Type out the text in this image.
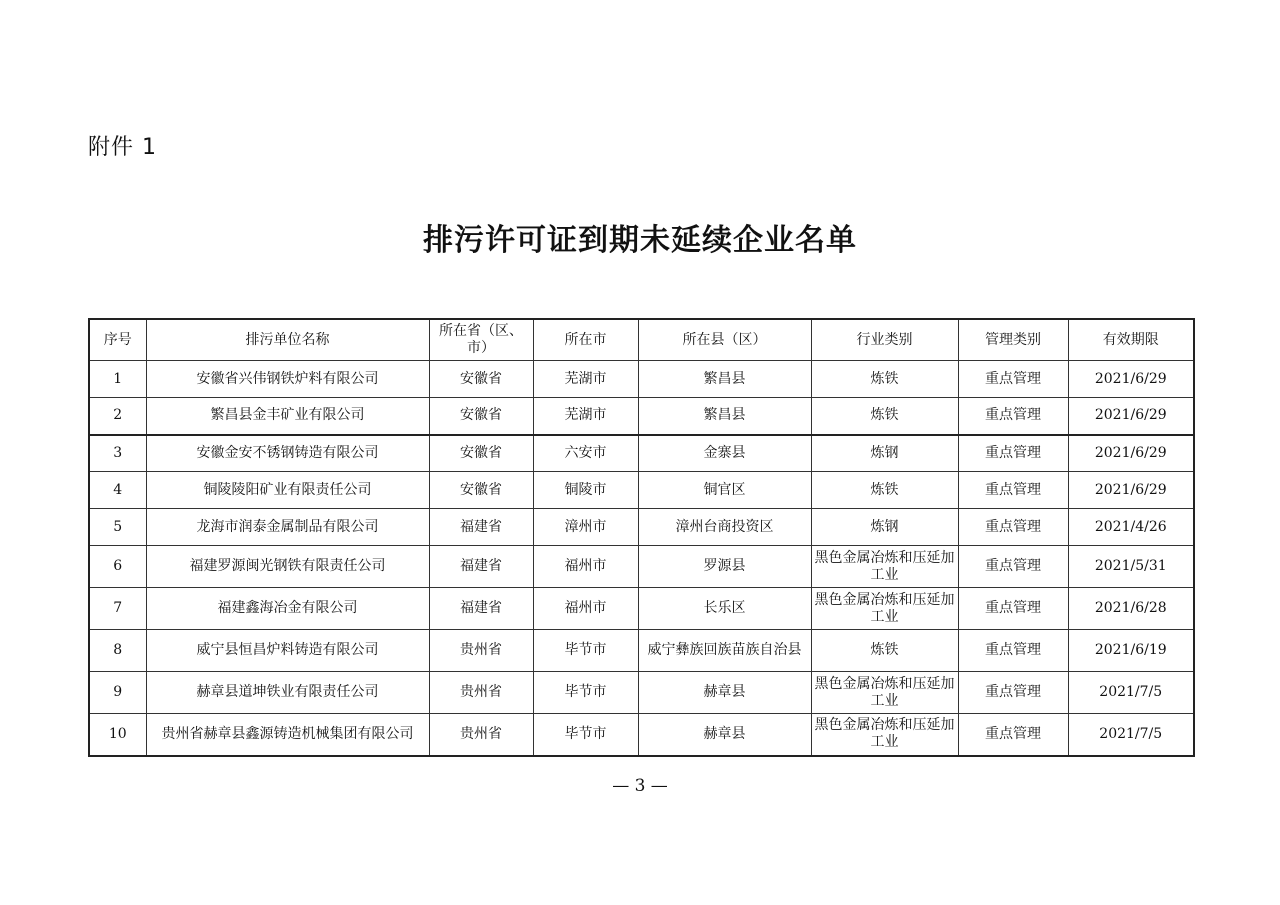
附件 1
排污许可证到期未延续企业名单
序号	排污单位名称	所在省（区、市）	所在市	所在县（区）	行业类别	管理类别	有效期限
1	安徽省兴伟钢铁炉料有限公司	安徽省	芜湖市	繁昌县	炼铁	重点管理	2021/6/29
2	繁昌县金丰矿业有限公司	安徽省	芜湖市	繁昌县	炼铁	重点管理	2021/6/29
3	安徽金安不锈钢铸造有限公司	安徽省	六安市	金寨县	炼钢	重点管理	2021/6/29
4	铜陵陵阳矿业有限责任公司	安徽省	铜陵市	铜官区	炼铁	重点管理	2021/6/29
5	龙海市润泰金属制品有限公司	福建省	漳州市	漳州台商投资区	炼钢	重点管理	2021/4/26
6	福建罗源闽光钢铁有限责任公司	福建省	福州市	罗源县	黑色金属冶炼和压延加工业	重点管理	2021/5/31
7	福建鑫海冶金有限公司	福建省	福州市	长乐区	黑色金属冶炼和压延加工业	重点管理	2021/6/28
8	威宁县恒昌炉料铸造有限公司	贵州省	毕节市	威宁彝族回族苗族自治县	炼铁	重点管理	2021/6/19
9	赫章县道坤铁业有限责任公司	贵州省	毕节市	赫章县	黑色金属冶炼和压延加工业	重点管理	2021/7/5
10	贵州省赫章县鑫源铸造机械集团有限公司	贵州省	毕节市	赫章县	黑色金属冶炼和压延加工业	重点管理	2021/7/5
— 3 —
